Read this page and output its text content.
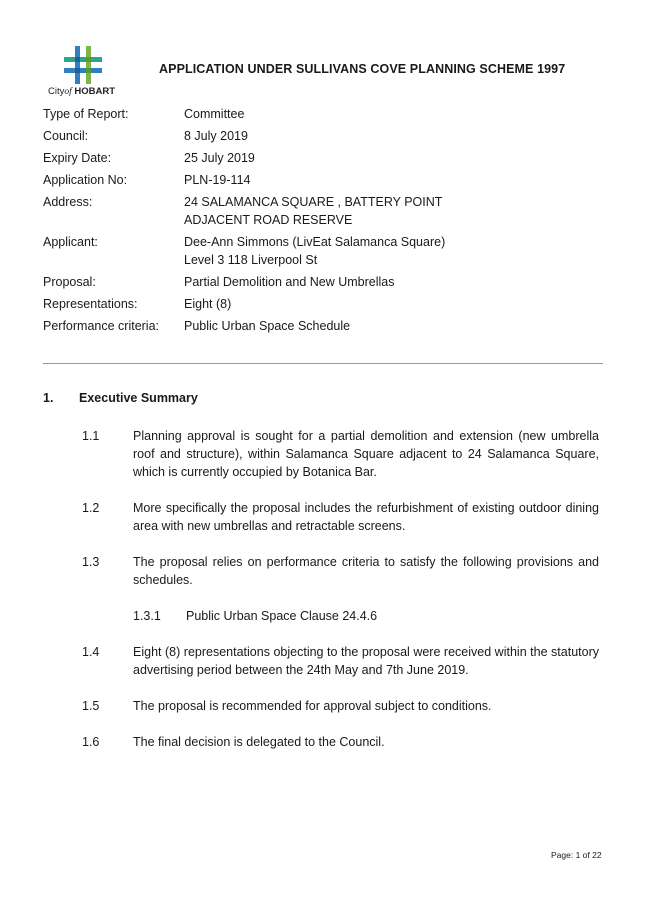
Cityof HOBART
APPLICATION UNDER SULLIVANS COVE PLANNING SCHEME 1997
Type of Report:	Committee
Council:	8 July 2019
Expiry Date:	25 July 2019
Application No:	PLN-19-114
Address:	24 SALAMANCA SQUARE , BATTERY POINT
ADJACENT ROAD RESERVE
Applicant:	Dee-Ann Simmons (LivEat Salamanca Square)
Level 3 118 Liverpool St
Proposal:	Partial Demolition and New Umbrellas
Representations:	Eight (8)
Performance criteria: Public Urban Space Schedule
1. Executive Summary
1.1	Planning approval is sought for a partial demolition and extension (new umbrella roof and structure), within Salamanca Square adjacent to 24 Salamanca Square, which is currently occupied by Botanica Bar.
1.2	More specifically the proposal includes the refurbishment of existing outdoor dining area with new umbrellas and retractable screens.
1.3	The proposal relies on performance criteria to satisfy the following provisions and schedules.
1.3.1 Public Urban Space Clause 24.4.6
1.4	Eight (8) representations objecting to the proposal were received within the statutory advertising period between the 24th May and 7th June 2019.
1.5	The proposal is recommended for approval subject to conditions.
1.6	The final decision is delegated to the Council.
Page: 1 of 22
